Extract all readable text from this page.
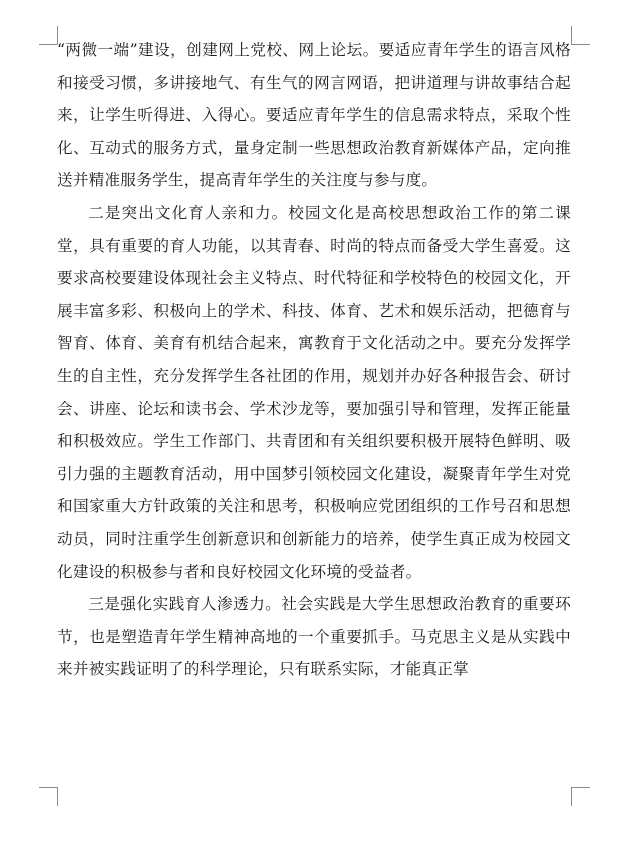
“两微一端”建设，创建网上党校、网上论坛。要适应青年学生的语言风格和接受习惯，多讲接地气、有生气的网言网语，把讲道理与讲故事结合起来，让学生听得进、入得心。要适应青年学生的信息需求特点，采取个性化、互动式的服务方式，量身定制一些思想政治教育新媒体产品，定向推送并精准服务学生，提高青年学生的关注度与参与度。

二是突出文化育人亲和力。校园文化是高校思想政治工作的第二课堂，具有重要的育人功能，以其青春、时尚的特点而备受大学生喜爱。这要求高校要建设体现社会主义特点、时代特征和学校特色的校园文化，开展丰富多彩、积极向上的学术、科技、体育、艺术和娱乐活动，把德育与智育、体育、美育有机结合起来，寓教育于文化活动之中。要充分发挥学生的自主性，充分发挥学生各社团的作用，规划并办好各种报告会、研讨会、讲座、论坛和读书会、学术沙龙等，要加强引导和管理，发挥正能量和积极效应。学生工作部门、共青团和有关组织要积极开展特色鲜明、吸引力强的主题教育活动，用中国梦引领校园文化建设，凝聚青年学生对党和国家重大方针政策的关注和思考，积极响应党团组织的工作号召和思想动员，同时注重学生创新意识和创新能力的培养，使学生真正成为校园文化建设的积极参与者和良好校园文化环境的受益者。

三是强化实践育人渗透力。社会实践是大学生思想政治教育的重要环节，也是塑造青年学生精神高地的一个重要抓手。马克思主义是从实践中来并被实践证明了的科学理论，只有联系实际，才能真正掌
